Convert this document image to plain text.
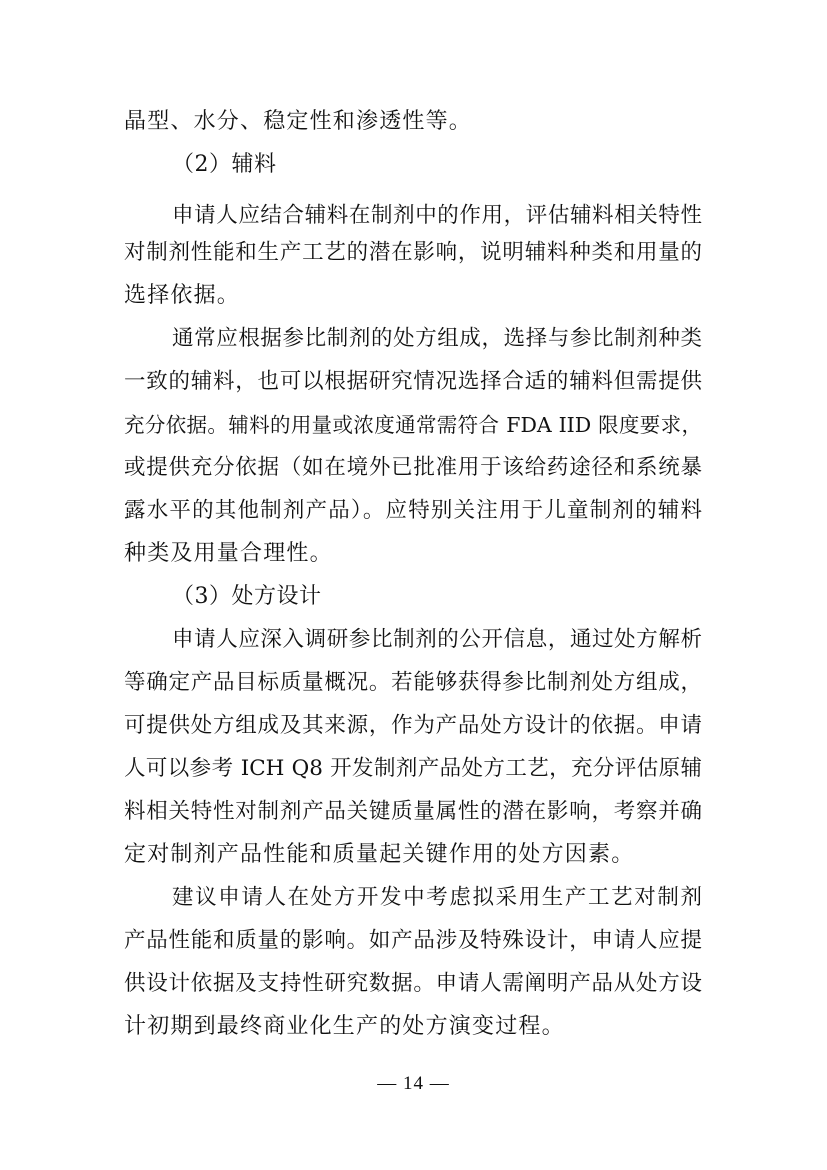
晶型、水分、稳定性和渗透性等。
（2）辅料
申请人应结合辅料在制剂中的作用，评估辅料相关特性
对制剂性能和生产工艺的潜在影响，说明辅料种类和用量的
选择依据。
通常应根据参比制剂的处方组成，选择与参比制剂种类
一致的辅料，也可以根据研究情况选择合适的辅料但需提供
充分依据。辅料的用量或浓度通常需符合 FDA IID 限度要求，
或提供充分依据（如在境外已批准用于该给药途径和系统暴
露水平的其他制剂产品）。应特别关注用于儿童制剂的辅料
种类及用量合理性。
（3）处方设计
申请人应深入调研参比制剂的公开信息，通过处方解析
等确定产品目标质量概况。若能够获得参比制剂处方组成，
可提供处方组成及其来源，作为产品处方设计的依据。申请
人可以参考 ICH Q8 开发制剂产品处方工艺，充分评估原辅
料相关特性对制剂产品关键质量属性的潜在影响，考察并确
定对制剂产品性能和质量起关键作用的处方因素。
建议申请人在处方开发中考虑拟采用生产工艺对制剂
产品性能和质量的影响。如产品涉及特殊设计，申请人应提
供设计依据及支持性研究数据。申请人需阐明产品从处方设
计初期到最终商业化生产的处方演变过程。
— 14 —
